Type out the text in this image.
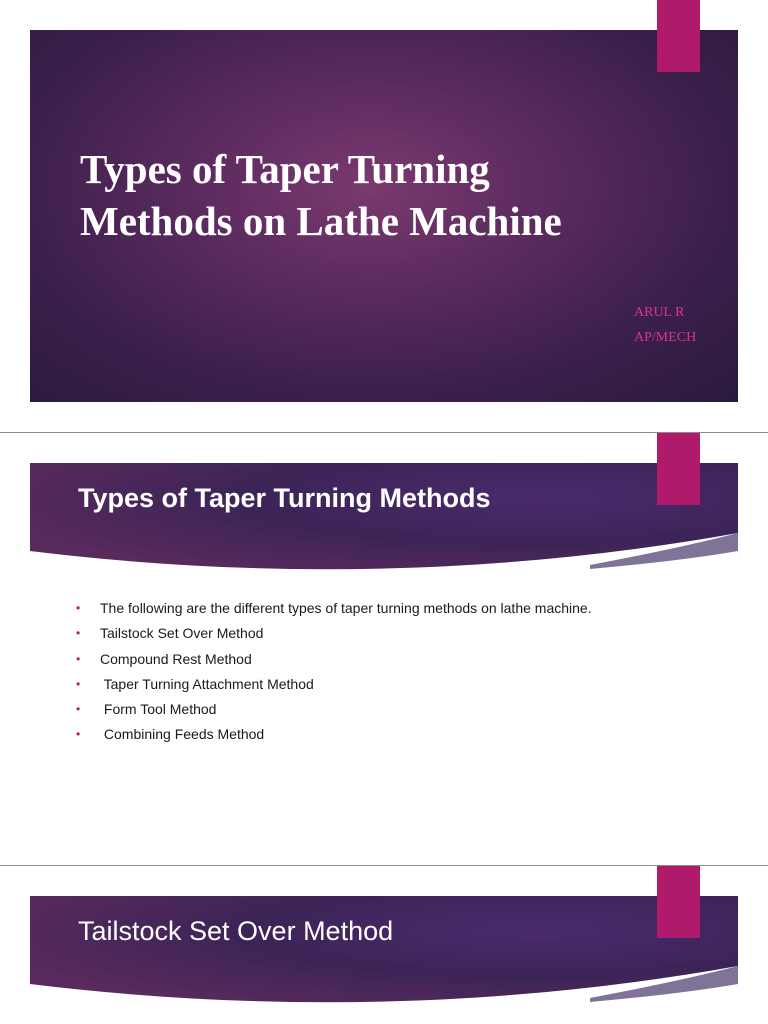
Types of Taper Turning Methods on Lathe Machine

ARUL R

AP/MECH

Types of Taper Turning Methods
• The following are the different types of taper turning methods on lathe machine.
• Tailstock Set Over Method
• Compound Rest Method
• Taper Turning Attachment Method
• Form Tool Method
• Combining Feeds Method
Tailstock Set Over Method
